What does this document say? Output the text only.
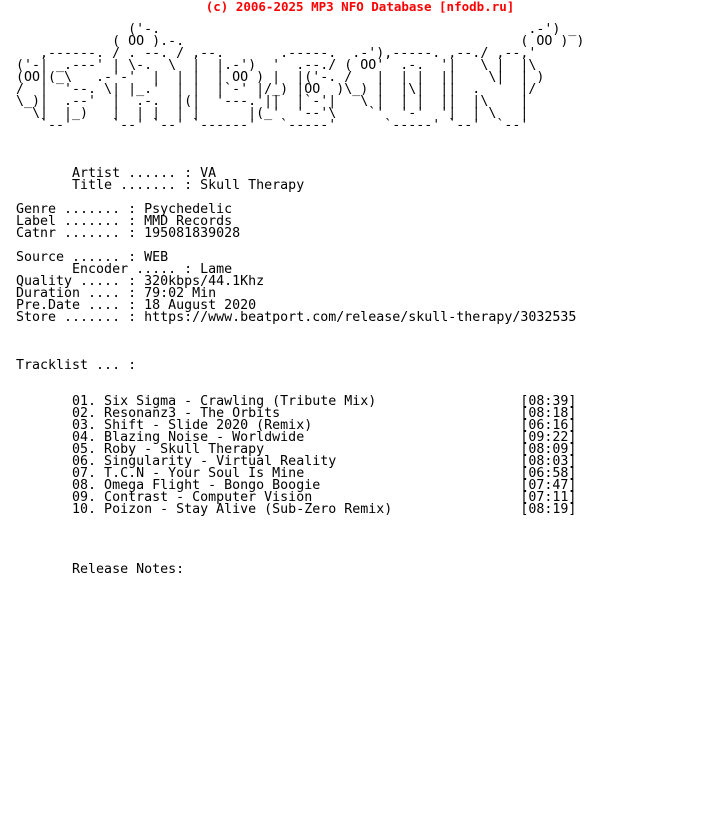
(c) 2006-2025 MP3 NFO Database [nfodb.ru]
('-.                                              .-') _
( OO ).-.                                          ( OO ) )
,------. / . --. / ,--.       .-----.  .-'),-----. ,--./ ,--,'
('-| _.---' | \-.  \  |  |.-')  '  .--./ ( OO'  .-.  '|   \ |  |\
(OO|(_\   .-'-'  |  | |  | OO ) |  |('-. /   |  | |  ||    \|  | )
/  |  '--. \| |_.'  | |  |`-' |/_) |OO  )\_) |  |\|  ||  .     |/
\_)|  .--'  |  .-.  |(|  '---.'||  |`-'|   \ |  | |  ||  |\    |
\|  |_)   |  | |  | |      |(_'  '--'\    `'  '-'  '|  | \   |
`--'     `--' `--' `------'   `-----'      `-----' `--'  `--'
Artist ...... : VA
Title ....... : Skull Therapy
Genre ....... : Psychedelic
Label ....... : MMD Records
Catnr ....... : 195081839028
Source ...... : WEB
Encoder ..... : Lame
Quality ..... : 320kbps/44.1Khz
Duration .... : 79:02 Min
Pre.Date .... : 18 August 2020
Store ....... : https://www.beatport.com/release/skull-therapy/3032535
Tracklist ... :
01. Six Sigma - Crawling (Tribute Mix)                  [08:39]
02. Resonanz3 - The Orbits                              [08:18]
03. Shift - Slide 2020 (Remix)                          [06:16]
04. Blazing Noise - Worldwide                           [09:22]
05. Roby - Skull Therapy                                [08:09]
06. Singularity - Virtual Reality                       [08:03]
07. T.C.N - Your Soul Is Mine                           [06:58]
08. Omega Flight - Bongo Boogie                         [07:47]
09. Contrast - Computer Vision                          [07:11]
10. Poizon - Stay Alive (Sub-Zero Remix)                [08:19]
Release Notes:
